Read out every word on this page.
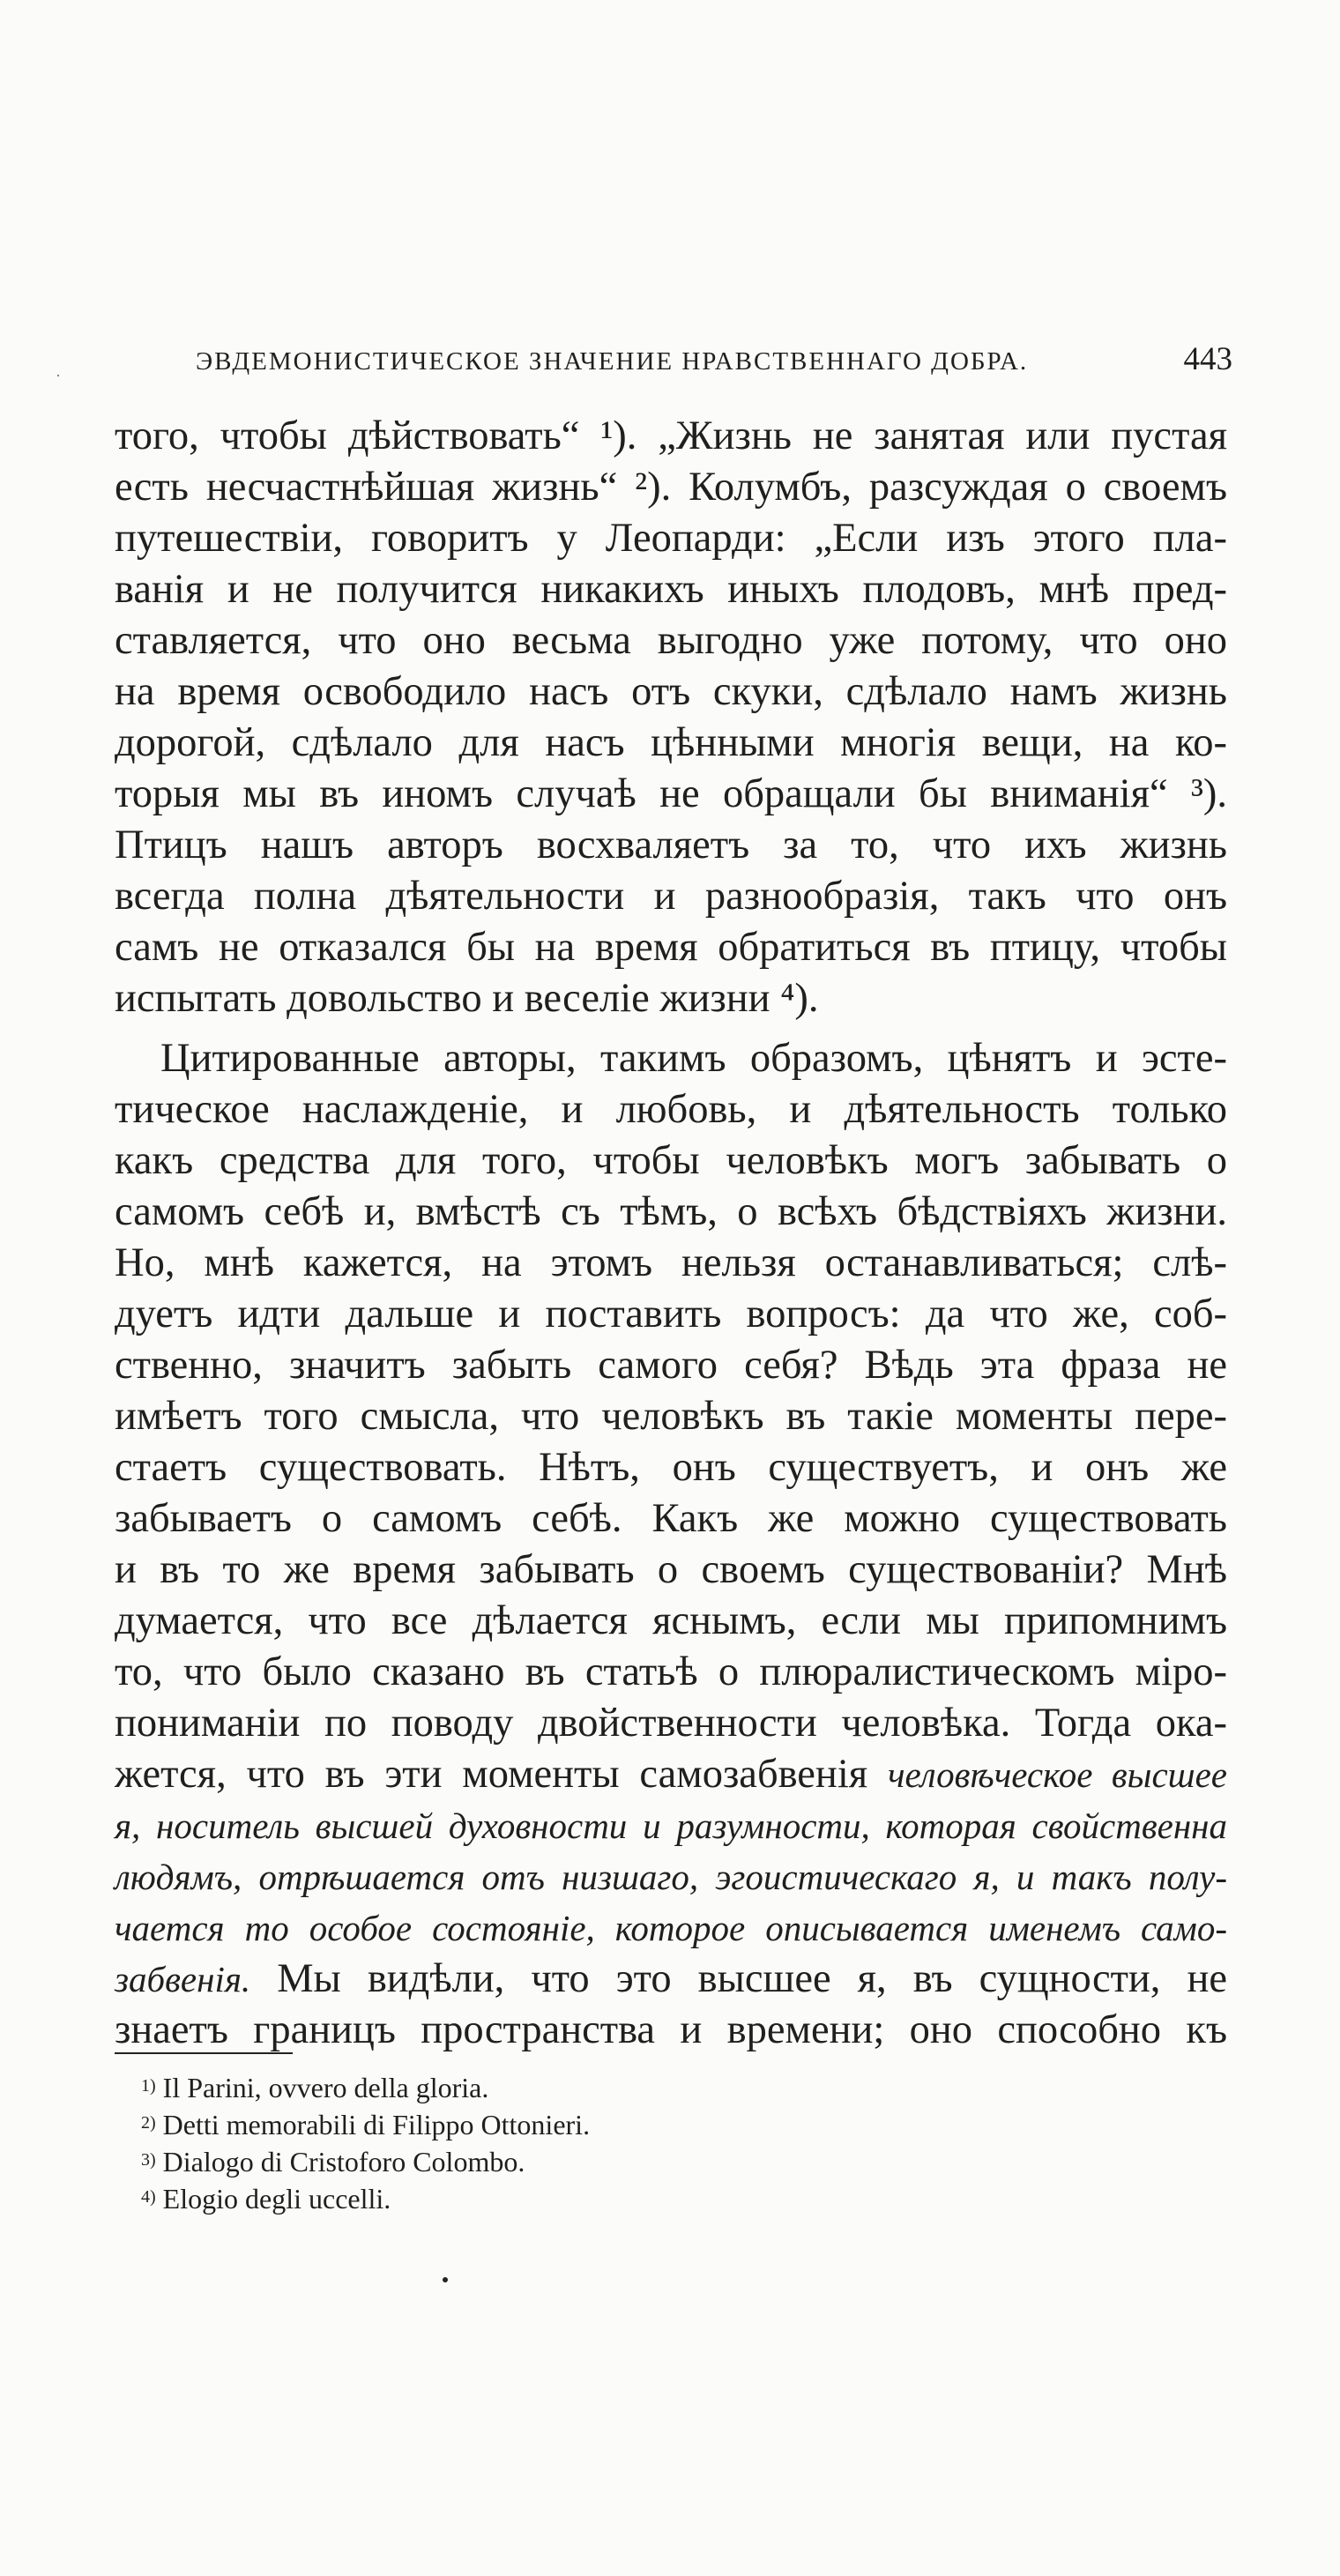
ЭВДЕМОНИСТИЧЕСКОЕ ЗНАЧЕНИЕ НРАВСТВЕННАГО ДОБРА.	443
того, чтобы дѣйствовать“ ¹). „Жизнь не занятая или пустая
есть несчастнѣйшая жизнь“ ²). Колумбъ, разсуждая о своемъ
путешествіи, говоритъ у Леопарди: „Если изъ этого пла-
ванія и не получится никакихъ иныхъ плодовъ, мнѣ пред-
ставляется, что оно весьма выгодно уже потому, что оно
на время освободило насъ отъ скуки, сдѣлало намъ жизнь
дорогой, сдѣлало для насъ цѣнными многія вещи, на ко-
торыя мы въ иномъ случаѣ не обращали бы вниманія“ ³).
Птицъ нашъ авторъ восхваляетъ за то, что ихъ жизнь
всегда полна дѣятельности и разнообразія, такъ что онъ
самъ не отказался бы на время обратиться въ птицу, чтобы
испытать довольство и веселіе жизни ⁴).
Цитированные авторы, такимъ образомъ, цѣнятъ и эсте-
тическое наслажденіе, и любовь, и дѣятельность только
какъ средства для того, чтобы человѣкъ могъ забывать о
самомъ себѣ и, вмѣстѣ съ тѣмъ, о всѣхъ бѣдствіяхъ жизни.
Но, мнѣ кажется, на этомъ нельзя останавливаться; слѣ-
дуетъ идти дальше и поставить вопросъ: да что же, соб-
ственно, значитъ забыть самого себя? Вѣдь эта фраза не
имѣетъ того смысла, что человѣкъ въ такіе моменты пере-
стаетъ существовать. Нѣтъ, онъ существуетъ, и онъ же
забываетъ о самомъ себѣ. Какъ же можно существовать
и въ то же время забывать о своемъ существованіи? Мнѣ
думается, что все дѣлается яснымъ, если мы припомнимъ
то, что было сказано въ статьѣ о плюралистическомъ міро-
пониманіи по поводу двойственности человѣка. Тогда ока-
жется, что въ эти моменты самозабвенія человѣческое высшее
я, носитель высшей духовности и разумности, которая свойственна
людямъ, отрѣшается отъ низшаго, эгоистическаго я, и такъ полу-
чается то особое состояніе, которое описывается именемъ само-
забвенія. Мы видѣли, что это высшее я, въ сущности, не
знаетъ границъ пространства и времени; оно способно къ
$^{1)}$ Il Parini, ovvero della gloria.
$^{2)}$ Detti memorabili di Filippo Ottonieri.
$^{3)}$ Dialogo di Cristoforo Colombo.
$^{4)}$ Elogio degli uccelli.
